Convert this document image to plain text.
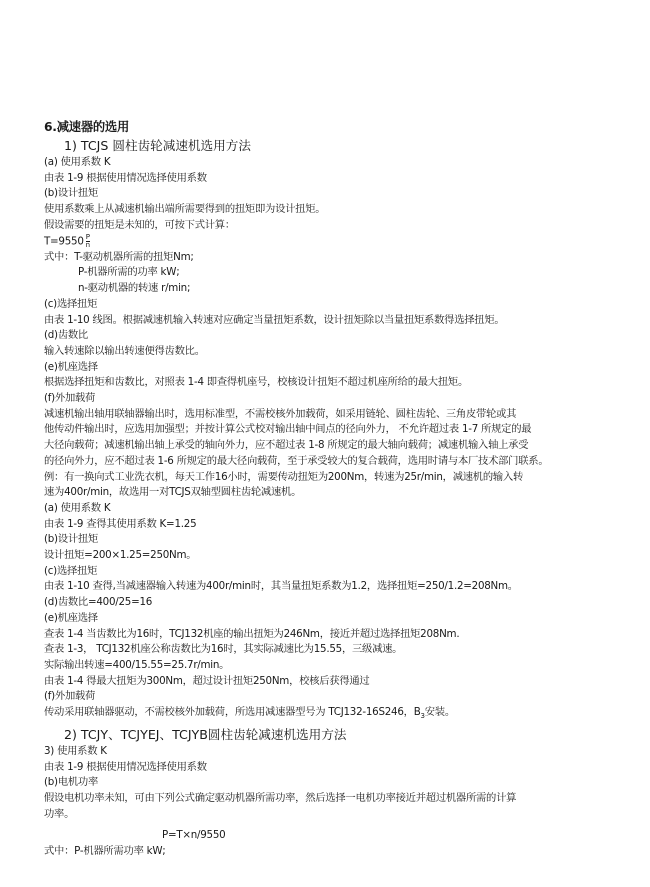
6.减速器的选用
1) TCJS 圆柱齿轮减速机选用方法
(a) 使用系数 K
由表 1-9 根据使用情况选择使用系数
(b)设计扭矩
使用系数乘上从减速机输出端所需要得到的扭矩即为设计扭矩。
假设需要的扭矩是未知的，可按下式计算：
$T=9550 \frac{P}{n}$
式中：T-驱动机器所需的扭矩Nm;
P-机器所需的功率 kW;
n-驱动机器的转速 r/min;
(c)选择扭矩
由表 1-10 线图。根据减速机输入转速对应确定当量扭矩系数，设计扭矩除以当量扭矩系数得选择扭矩。
(d)齿数比
输入转速除以输出转速便得齿数比。
(e)机座选择
根据选择扭矩和齿数比，对照表 1-4 即查得机座号，校核设计扭矩不超过机座所给的最大扭矩。
(f)外加载荷
减速机输出轴用联轴器输出时，选用标准型，不需校核外加载荷，如采用链轮、圆柱齿轮、三角皮带轮或其
他传动件输出时，应选用加强型；并按计算公式校对输出轴中间点的径向外力， 不允许超过表 1-7 所规定的最
大径向载荷；减速机输出轴上承受的轴向外力，应不超过表 1-8 所规定的最大轴向载荷；减速机输入轴上承受
的径向外力，应不超过表 1-6 所规定的最大径向载荷，至于承受较大的复合载荷，选用时请与本厂技术部门联系。
例：有一换向式工业洗衣机，每天工作16小时，需要传动扭矩为200Nm，转速为25r/min，减速机的输入转
速为400r/min，故选用一对TCJS双轴型圆柱齿轮减速机。
(a) 使用系数 K
由表 1-9 查得其使用系数 K=1.25
(b)设计扭矩
设计扭矩=200×1.25=250Nm。
(c)选择扭矩
由表 1-10 查得,当减速器输入转速为400r/min时，其当量扭矩系数为1.2，选择扭矩=250/1.2=208Nm。
(d)齿数比=400/25=16
(e)机座选择
查表 1-4 当齿数比为16时，TCJ132机座的输出扭矩为246Nm，接近并超过选择扭矩208Nm.
查表 1-3， TCJ132机座公称齿数比为16时，其实际减速比为15.55，三级减速。
实际输出转速=400/15.55=25.7r/min。
由表 1-4 得最大扭矩为300Nm，超过设计扭矩250Nm，校核后获得通过
(f)外加载荷
传动采用联轴器驱动，不需校核外加载荷，所选用减速器型号为 TCJ132-16S246，$B_3$安装。
2) TCJY、TCJYEJ、TCJYB圆柱齿轮减速机选用方法
3) 使用系数 K
由表 1-9 根据使用情况选择使用系数
(b)电机功率
假设电机功率未知，可由下列公式确定驱动机器所需功率，然后选择一电机功率接近并超过机器所需的计算
功率。
P=T×n/9550
式中：P-机器所需功率 kW;
